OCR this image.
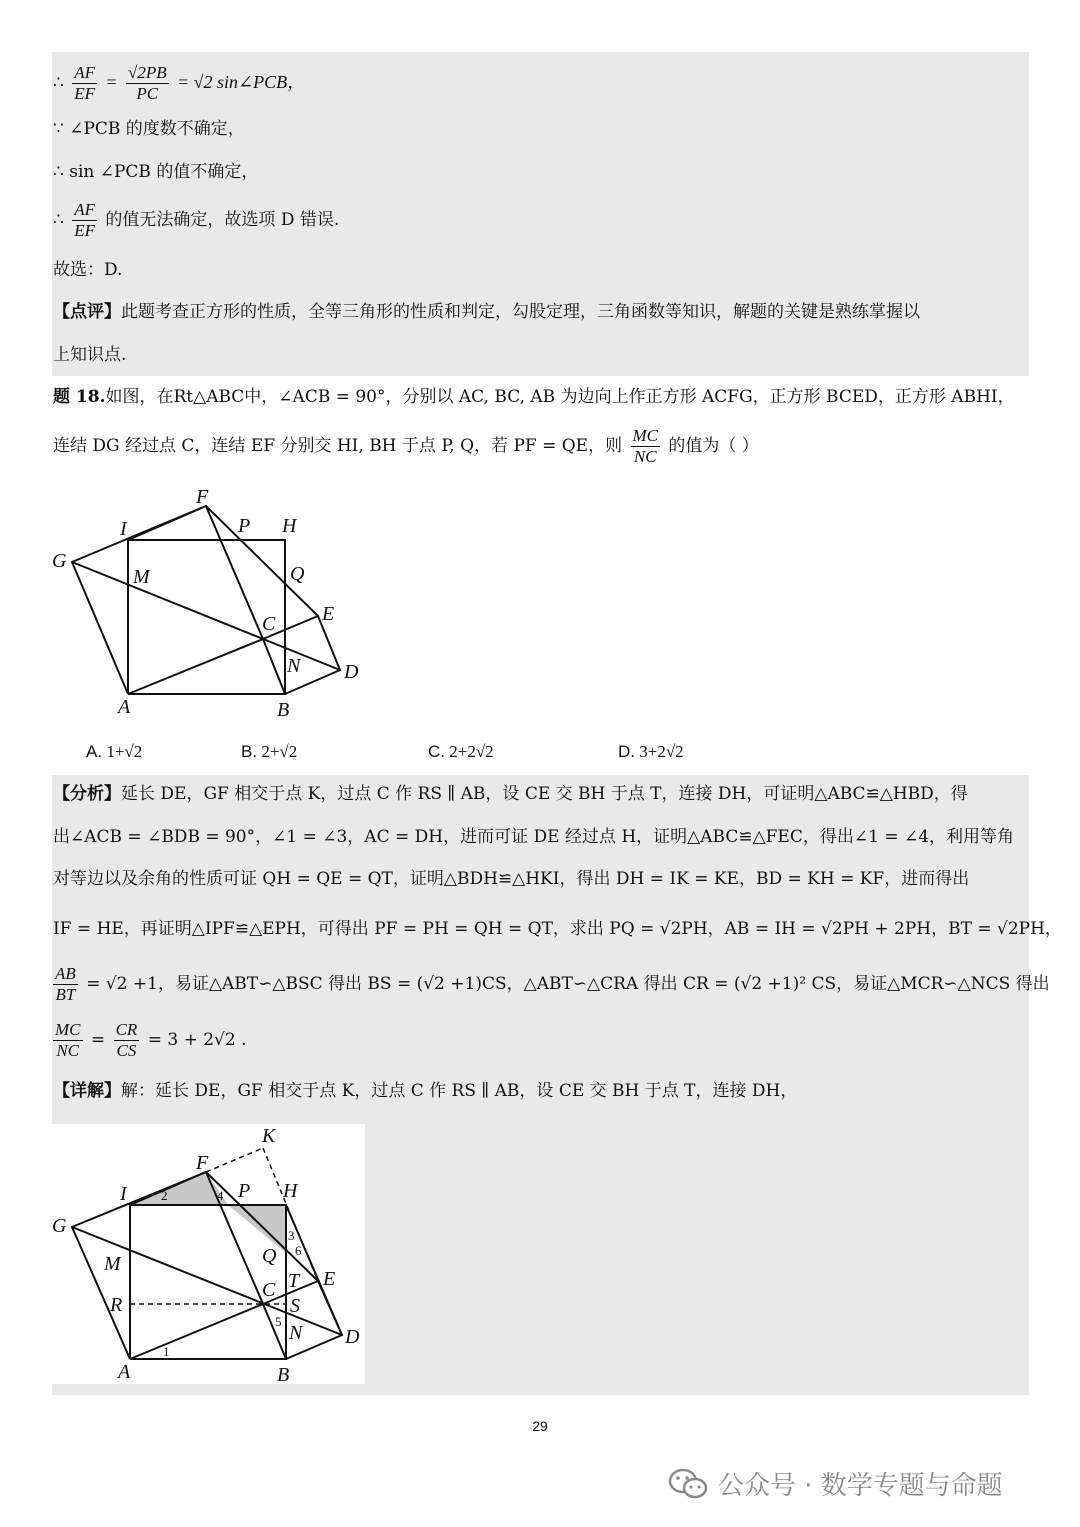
∴ $\frac{AF}{EF} = \frac{√2PB}{PC} = √2$ sin∠PCB，
∵ ∠PCB 的度数不确定，
∴ sin ∠PCB 的值不确定，
∴ $\frac{AF}{EF}$ 的值无法确定，故选项 D 错误.
故选：D.
【点评】此题考查正方形的性质，全等三角形的性质和判定，勾股定理，三角函数等知识，解题的关键是熟练掌握以
上知识点.
题 18.如图，在Rt△ABC中，∠ACB = 90°，分别以 AC, BC, AB 为边向上作正方形 ACFG，正方形 BCED，正方形 ABHI，
连结 DG 经过点 C，连结 EF 分别交 HI, BH 于点 P, Q，若 PF = QE，则 $\frac{MC}{NC}$ 的值为（ ）
F
I	P H
G
M	Q
E
C
N D
A	B
A. 1+√2	B. 2+√2	C. 2+2√2	D. 3+2√2
【分析】延长 DE，GF 相交于点 K，过点 C 作 RS ∥ AB，设 CE 交 BH 于点 T，连接 DH，可证明△ABC≌△HBD，得
出∠ACB = ∠BDB = 90°，∠1 = ∠3，AC = DH，进而可证 DE 经过点 H，证明△ABC≌△FEC，得出∠1 = ∠4，利用等角
对等边以及余角的性质可证 QH = QE = QT，证明△BDH≌△HKI，得出 DH = IK = KE，BD = KH = KF，进而得出
IF = HE，再证明△IPF≌△EPH，可得出 PF = PH = QH = QT，求出 PQ = √2PH，AB = IH = √2PH + 2PH，BT = √2PH，
$\frac{AB}{BT} = √2 +1$，易证△ABT∽△BSC 得出 BS = (√2 +1)CS，△ABT∽△CRA 得出 CR = (√2 +1)² CS，易证△MCR∽△NCS 得出
$\frac{MC}{NC} = \frac{CR}{CS} = 3 + 2√2$ .
【详解】解：延长 DE，GF 相交于点 K，过点 C 作 RS ∥ AB，设 CE 交 BH 于点 T，连接 DH，
K
F
I	P H
G
M	Q
E
T
R
C
S
N D
A	B
1
2
3
4
5
6
29
公众号 · 数学专题与命题
